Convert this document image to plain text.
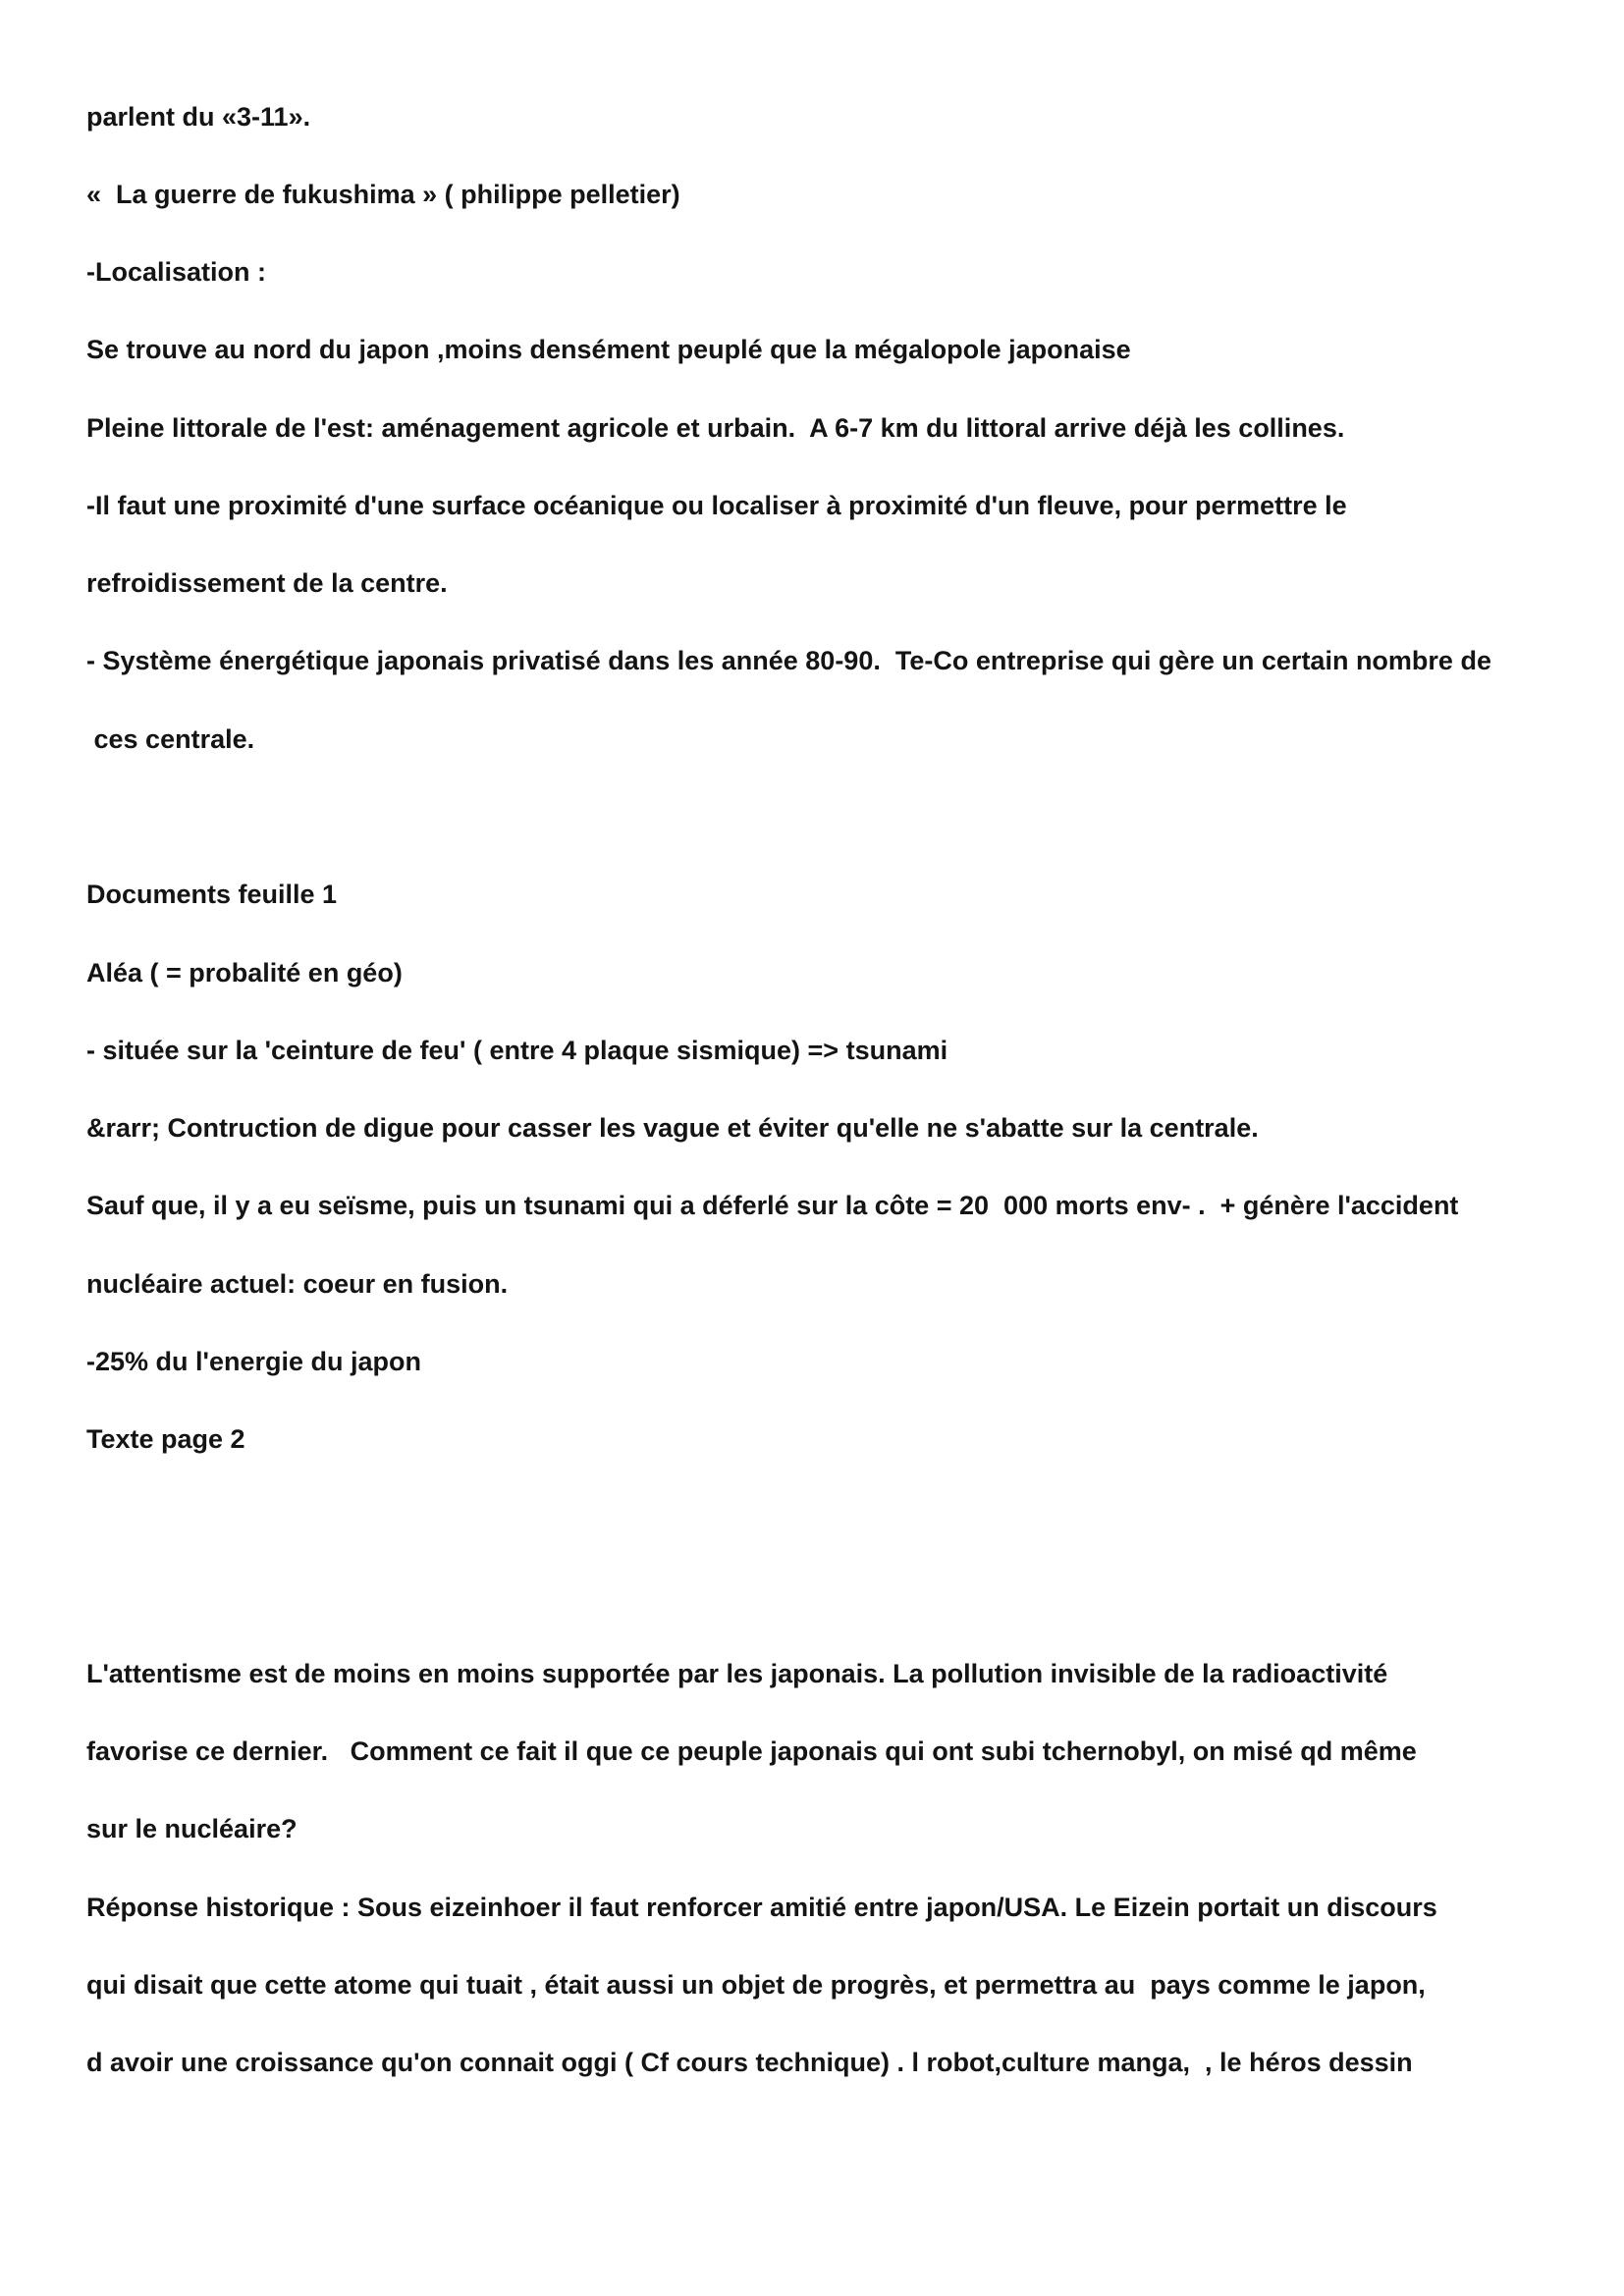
parlent du «3-11».

«  La guerre de fukushima » ( philippe pelletier)

-Localisation :

Se trouve au nord du japon ,moins densément peuplé que la mégalopole japonaise

Pleine littorale de l'est: aménagement agricole et urbain.  A 6-7 km du littoral arrive déjà les collines.

-Il faut une proximité d'une surface océanique ou localiser à proximité d'un fleuve, pour permettre le

refroidissement de la centre.

- Système énergétique japonais privatisé dans les année 80-90.  Te-Co entreprise qui gère un certain nombre de

ces centrale.

Documents feuille 1

Aléa ( = probalité en géo)

- située sur la 'ceinture de feu' ( entre 4 plaque sismique) => tsunami

&rarr; Contruction de digue pour casser les vague et éviter qu'elle ne s'abatte sur la centrale.

Sauf que, il y a eu seïsme, puis un tsunami qui a déferlé sur la côte = 20  000 morts env- .  + génère l'accident

nucléaire actuel: coeur en fusion.

-25% du l'energie du japon

Texte page 2

L'attentisme est de moins en moins supportée par les japonais. La pollution invisible de la radioactivité

favorise ce dernier.   Comment ce fait il que ce peuple japonais qui ont subi tchernobyl, on misé qd même

sur le nucléaire?

Réponse historique : Sous eizeinhoer il faut renforcer amitié entre japon/USA. Le Eizein portait un discours

qui disait que cette atome qui tuait , était aussi un objet de progrès, et permettra au  pays comme le japon,

d avoir une croissance qu'on connait oggi ( Cf cours technique) . l robot,culture manga,  , le héros dessin
